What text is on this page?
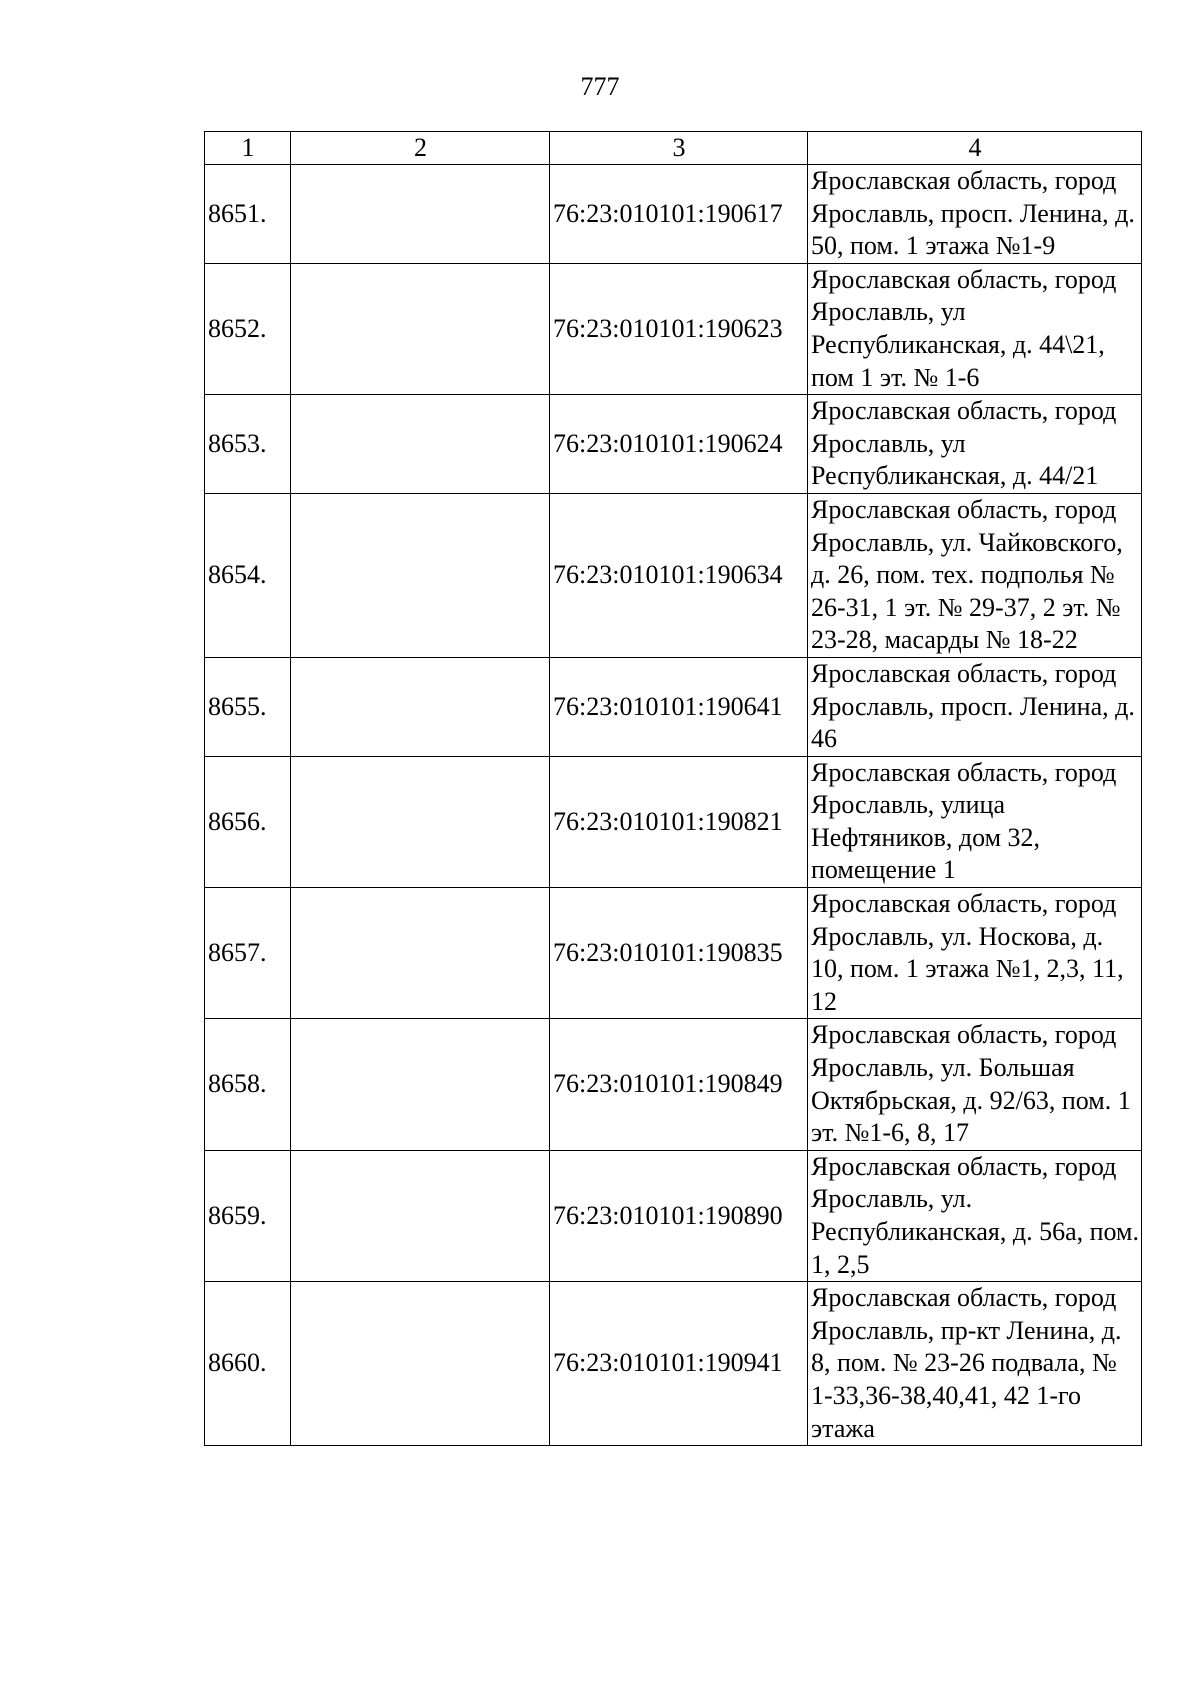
777
1	2	3	4
8651.		76:23:010101:190617	Ярославская область, город Ярославль, просп. Ленина, д. 50, пом. 1 этажа №1-9
8652.		76:23:010101:190623	Ярославская область, город Ярославль, ул Республиканская, д. 44\21, пом 1 эт. № 1-6
8653.		76:23:010101:190624	Ярославская область, город Ярославль, ул Республиканская, д. 44/21
8654.		76:23:010101:190634	Ярославская область, город Ярославль, ул. Чайковского, д. 26, пом. тех. подполья № 26-31, 1 эт. № 29-37, 2 эт. № 23-28, масарды № 18-22
8655.		76:23:010101:190641	Ярославская область, город Ярославль, просп. Ленина, д. 46
8656.		76:23:010101:190821	Ярославская область, город Ярославль, улица Нефтяников, дом 32, помещение 1
8657.		76:23:010101:190835	Ярославская область, город Ярославль, ул. Носкова, д. 10, пом. 1 этажа №1, 2,3, 11, 12
8658.		76:23:010101:190849	Ярославская область, город Ярославль, ул. Большая Октябрьская, д. 92/63, пом. 1 эт. №1-6, 8, 17
8659.		76:23:010101:190890	Ярославская область, город Ярославль, ул. Республиканская, д. 56а, пом. 1, 2,5
8660.		76:23:010101:190941	Ярославская область, город Ярославль, пр-кт Ленина, д. 8, пом. № 23-26 подвала, № 1-33,36-38,40,41, 42 1-го этажа
